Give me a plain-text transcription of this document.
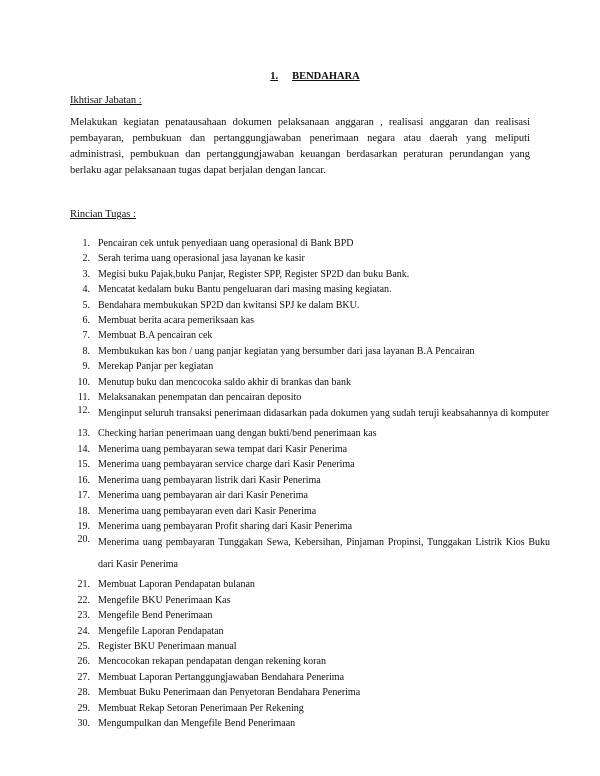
1. BENDAHARA
Ikhtisar Jabatan :
Melakukan kegiatan penatausahaan dokumen pelaksanaan anggaran , realisasi anggaran dan realisasi pembayaran, pembukuan dan pertanggungjawaban penerimaan negara atau daerah yang meliputi administrasi, pembukuan dan pertanggungjawaban keuangan berdasarkan peraturan perundangan yang berlaku agar pelaksanaan tugas dapat berjalan dengan lancar.
Rincian Tugas :
1. Pencairan cek untuk penyediaan uang operasional di Bank BPD
2. Serah terima uang operasional jasa layanan ke kasir
3. Megisi buku Pajak,buku Panjar, Register SPP, Register SP2D dan buku Bank.
4. Mencatat kedalam buku Bantu pengeluaran dari masing masing kegiatan.
5. Bendahara membukukan SP2D dan kwitansi SPJ ke dalam BKU.
6. Membuat berita acara pemeriksaan kas
7. Membuat B.A pencairan cek
8. Membukukan kas bon / uang panjar kegiatan yang bersumber dari jasa layanan B.A Pencairan
9. Merekap Panjar per kegiatan
10. Menutup buku dan mencocoka saldo akhir di brankas dan bank
11. Melaksanakan penempatan dan pencairan deposito
12. Menginput seluruh transaksi penerimaan didasarkan pada dokumen yang sudah teruji keabsahannya di komputer
13. Checking harian penerimaan uang dengan bukti/bend penerimaan kas
14. Menerima uang pembayaran sewa tempat dari Kasir Penerima
15. Menerima uang pembayaran service charge dari Kasir Penerima
16. Menerima uang pembayaran listrik dari Kasir Penerima
17. Menerima uang pembayaran air dari Kasir Penerima
18. Menerima uang pembayaran even dari Kasir Penerima
19. Menerima uang pembayaran Profit sharing dari Kasir Penerima
20. Menerima uang pembayaran Tunggakan Sewa, Kebersihan, Pinjaman Propinsi, Tunggakan Listrik Kios Buku dari Kasir Penerima
21. Membuat Laporan Pendapatan bulanan
22. Mengefile BKU Penerimaan Kas
23. Mengefile Bend Penerimaan
24. Mengefile Laporan Pendapatan
25. Register BKU Penerimaan manual
26. Mencocokan rekapan pendapatan dengan rekening koran
27. Membuat Laporan Pertanggungjawaban Bendahara Penerima
28. Membuat Buku Penerimaan dan Penyetoran Bendahara Penerima
29. Membuat Rekap Setoran Penerimaan Per Rekening
30. Mengumpulkan dan Mengefile Bend Penerimaan
